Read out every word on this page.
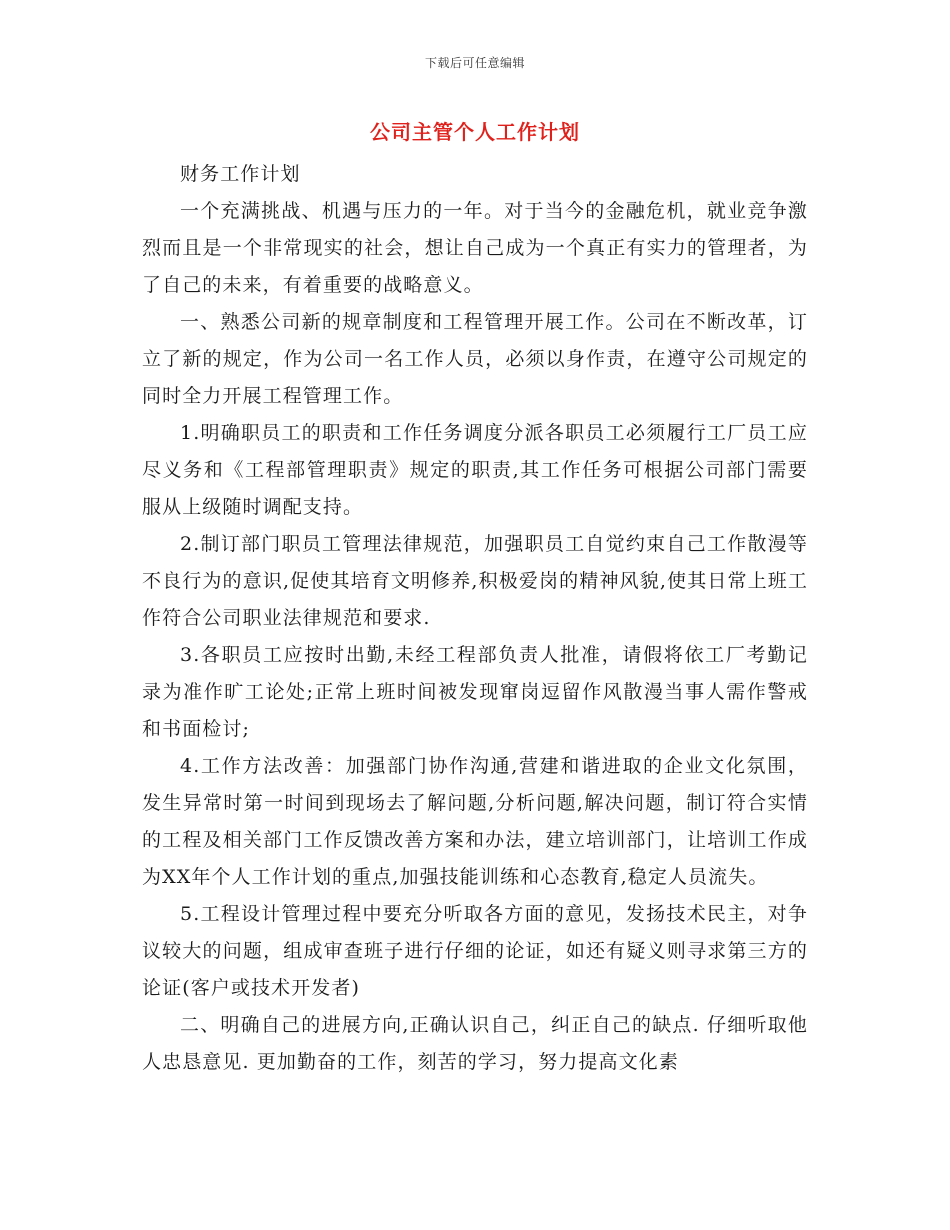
下载后可任意编辑
公司主管个人工作计划

财务工作计划

一个充满挑战、机遇与压力的一年。对于当今的金融危机，就业竞争激烈而且是一个非常现实的社会，想让自己成为一个真正有实力的管理者，为了自己的未来，有着重要的战略意义。

一、熟悉公司新的规章制度和工程管理开展工作。公司在不断改革，订立了新的规定，作为公司一名工作人员，必须以身作责，在遵守公司规定的同时全力开展工程管理工作。

1.明确职员工的职责和工作任务调度分派各职员工必须履行工厂员工应尽义务和《工程部管理职责》规定的职责,其工作任务可根据公司部门需要服从上级随时调配支持。

2.制订部门职员工管理法律规范，加强职员工自觉约束自己工作散漫等不良行为的意识,促使其培育文明修养,积极爱岗的精神风貌,使其日常上班工作符合公司职业法律规范和要求.

3.各职员工应按时出勤,未经工程部负责人批准，请假将依工厂考勤记录为准作旷工论处;正常上班时间被发现窜岗逗留作风散漫当事人需作警戒和书面检讨;

4.工作方法改善：加强部门协作沟通,营建和谐进取的企业文化氛围，发生异常时第一时间到现场去了解问题,分析问题,解决问题，制订符合实情的工程及相关部门工作反馈改善方案和办法，建立培训部门，让培训工作成为XX年个人工作计划的重点,加强技能训练和心态教育,稳定人员流失。

5.工程设计管理过程中要充分听取各方面的意见，发扬技术民主，对争议较大的问题，组成审查班子进行仔细的论证，如还有疑义则寻求第三方的论证(客户或技术开发者)

二、明确自己的进展方向,正确认识自己，纠正自己的缺点. 仔细听取他人忠恳意见. 更加勤奋的工作，刻苦的学习，努力提高文化素
